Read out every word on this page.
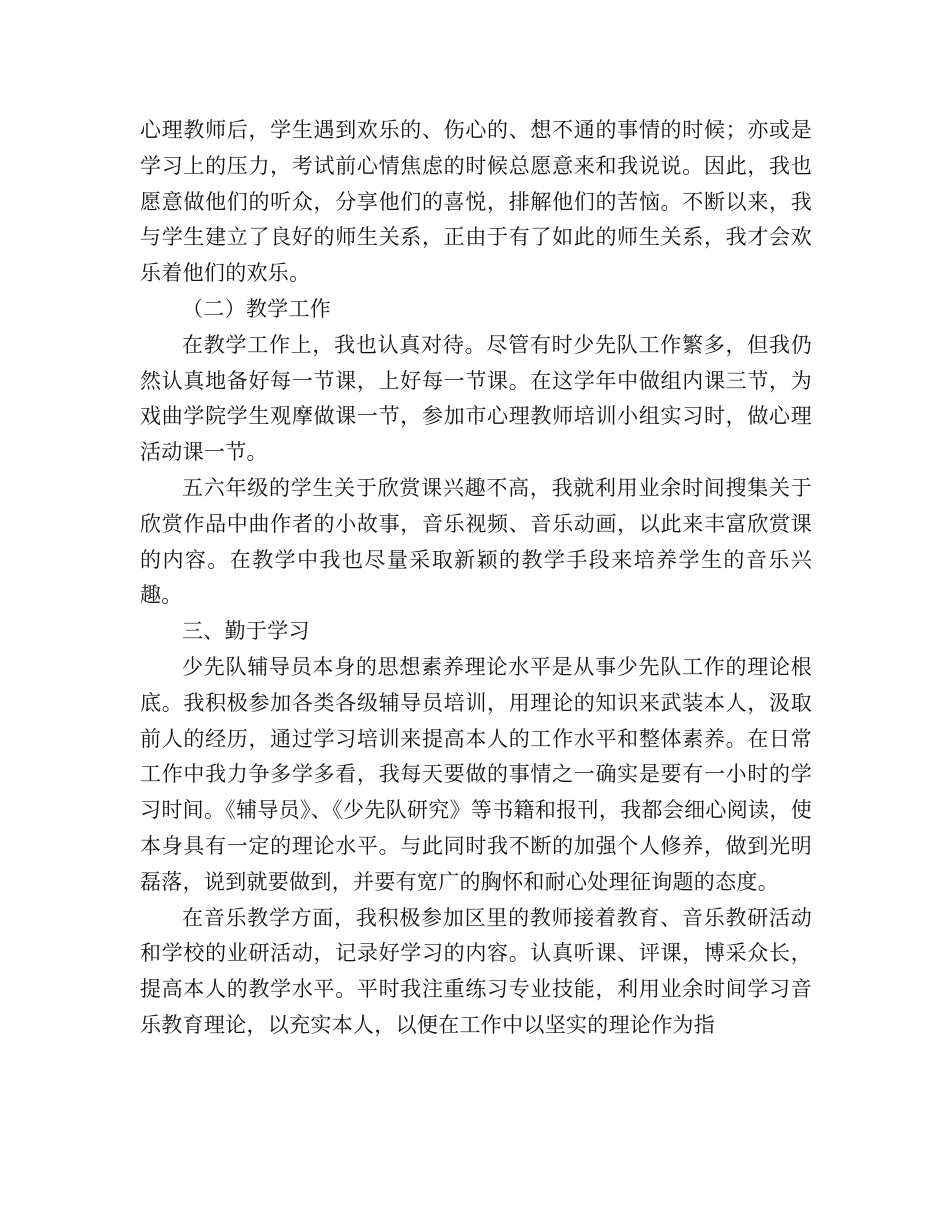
心理教师后，学生遇到欢乐的、伤心的、想不通的事情的时候；亦或是学习上的压力，考试前心情焦虑的时候总愿意来和我说说。因此，我也愿意做他们的听众，分享他们的喜悦，排解他们的苦恼。不断以来，我与学生建立了良好的师生关系，正由于有了如此的师生关系，我才会欢乐着他们的欢乐。

（二）教学工作

在教学工作上，我也认真对待。尽管有时少先队工作繁多，但我仍然认真地备好每一节课，上好每一节课。在这学年中做组内课三节，为戏曲学院学生观摩做课一节，参加市心理教师培训小组实习时，做心理活动课一节。

五六年级的学生关于欣赏课兴趣不高，我就利用业余时间搜集关于欣赏作品中曲作者的小故事，音乐视频、音乐动画，以此来丰富欣赏课的内容。在教学中我也尽量采取新颖的教学手段来培养学生的音乐兴趣。

三、勤于学习

少先队辅导员本身的思想素养理论水平是从事少先队工作的理论根底。我积极参加各类各级辅导员培训，用理论的知识来武装本人，汲取前人的经历，通过学习培训来提高本人的工作水平和整体素养。在日常工作中我力争多学多看，我每天要做的事情之一确实是要有一小时的学习时间。《辅导员》、《少先队研究》等书籍和报刊，我都会细心阅读，使本身具有一定的理论水平。与此同时我不断的加强个人修养，做到光明磊落，说到就要做到，并要有宽广的胸怀和耐心处理征询题的态度。

在音乐教学方面，我积极参加区里的教师接着教育、音乐教研活动和学校的业研活动，记录好学习的内容。认真听课、评课，博采众长，提高本人的教学水平。平时我注重练习专业技能，利用业余时间学习音乐教育理论，以充实本人，以便在工作中以坚实的理论作为指
